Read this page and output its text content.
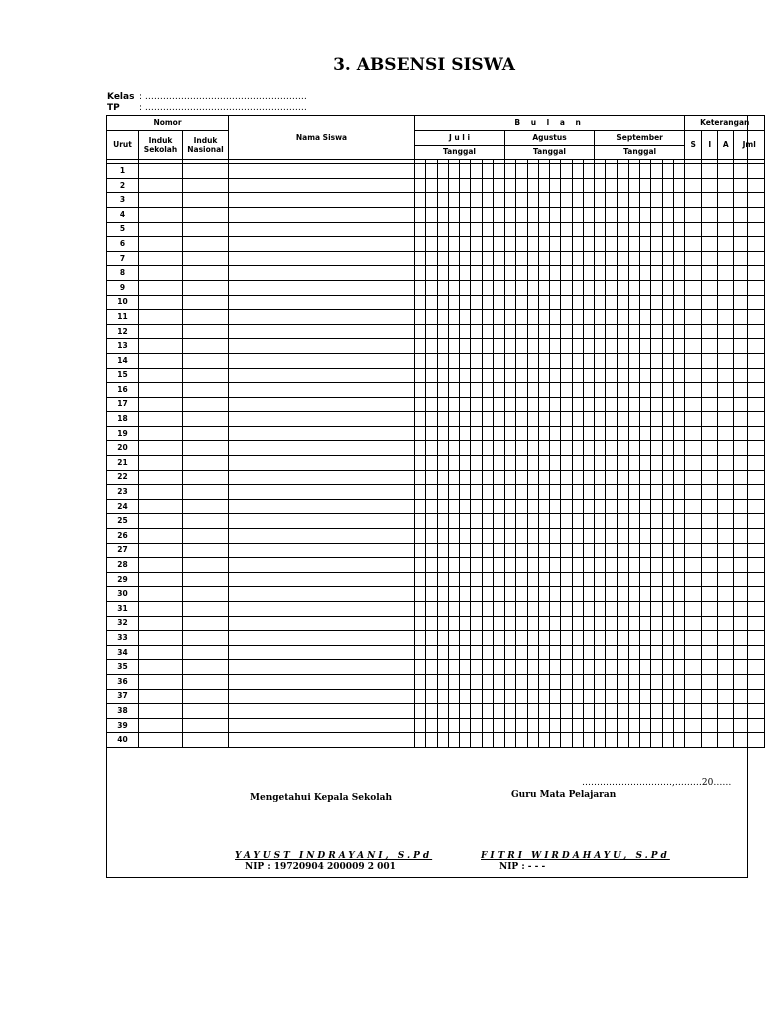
3. ABSENSI SISWA
Kelas : ………………………………………………
TP : ………………………………………………
Nomor			Nama Siswa	B u l a n																								Keterangan			
Urut	Induk Sekolah	Induk Nasional		J u l i								Agustus								September								S	I	A	Jml
				Tanggal								Tanggal								Tanggal											

1																															
2																															
3																															
4																															
5																															
6																															
7																															
8																															
9																															
10																															
11																															
12																															
13																															
14																															
15																															
16																															
17																															
18																															
19																															
20																															
21																															
22																															
23																															
24																															
25																															
26																															
27																															
28																															
29																															
30																															
31																															
32																															
33																															
34																															
35																															
36																															
37																															
38																															
39																															
40																															
…………………………,………20……
Mengetahui Kepala Sekolah	Guru Mata Pelajaran
YAYUST INDRAYANI, S.Pd
NIP : 19720904 200009 2 001
FITRI WIRDAHAYU, S.Pd
NIP : - - -
